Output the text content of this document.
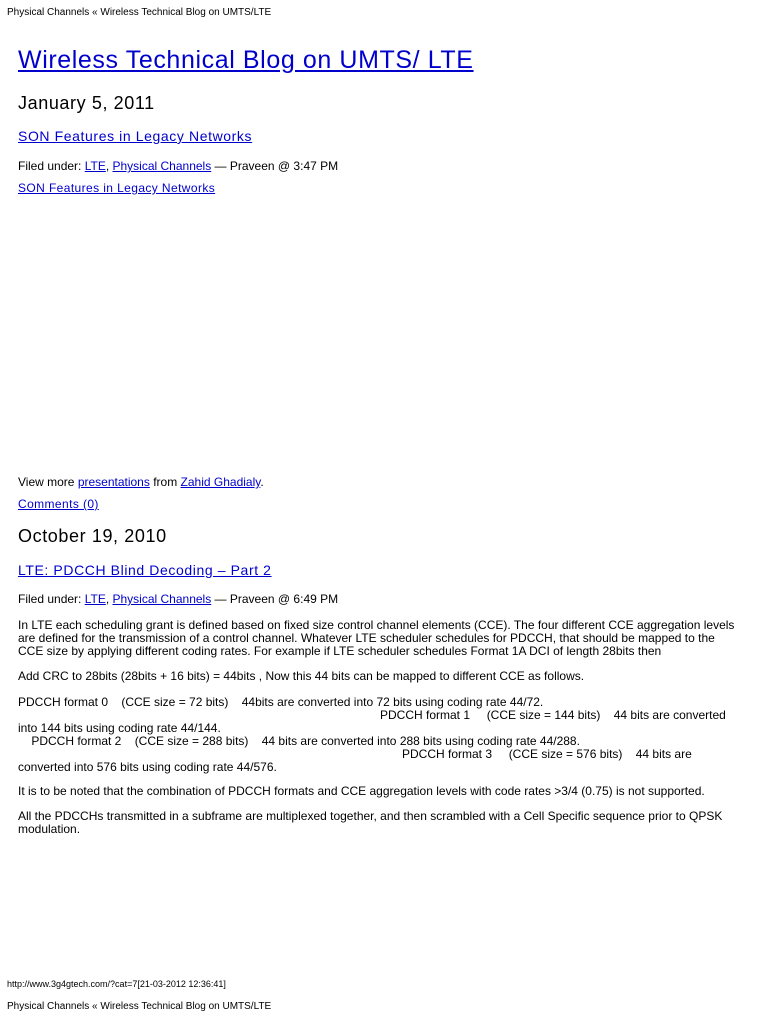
Physical Channels « Wireless Technical Blog on UMTS/LTE
Wireless Technical Blog on UMTS/ LTE
January 5, 2011
SON Features in Legacy Networks
Filed under: LTE, Physical Channels — Praveen @ 3:47 PM
SON Features in Legacy Networks
View more presentations from Zahid Ghadialy.
Comments (0)
October 19, 2010
LTE: PDCCH Blind Decoding – Part 2
Filed under: LTE, Physical Channels — Praveen @ 6:49 PM
In LTE each scheduling grant is defined based on fixed size control channel elements (CCE). The four different CCE aggregation levels are defined for the transmission of a control channel. Whatever LTE scheduler schedules for PDCCH, that should be mapped to the CCE size by applying different coding rates. For example if LTE scheduler schedules Format 1A DCI of length 28bits then
Add CRC to 28bits (28bits + 16 bits) = 44bits , Now this 44 bits can be mapped to different CCE as follows.
PDCCH format 0    (CCE size = 72 bits)    44bits are converted into 72 bits using coding rate 44/72.
PDCCH format 1     (CCE size = 144 bits)    44 bits are converted
into 144 bits using coding rate 44/144.
PDCCH format 2    (CCE size = 288 bits)    44 bits are converted into 288 bits using coding rate 44/288.
PDCCH format 3     (CCE size = 576 bits)    44 bits are
converted into 576 bits using coding rate 44/576.
It is to be noted that the combination of PDCCH formats and CCE aggregation levels with code rates >3/4 (0.75) is not supported.
All the PDCCHs transmitted in a subframe are multiplexed together, and then scrambled with a Cell Specific sequence prior to QPSK modulation.
http://www.3g4gtech.com/?cat=7[21-03-2012 12:36:41]
Physical Channels « Wireless Technical Blog on UMTS/LTE
